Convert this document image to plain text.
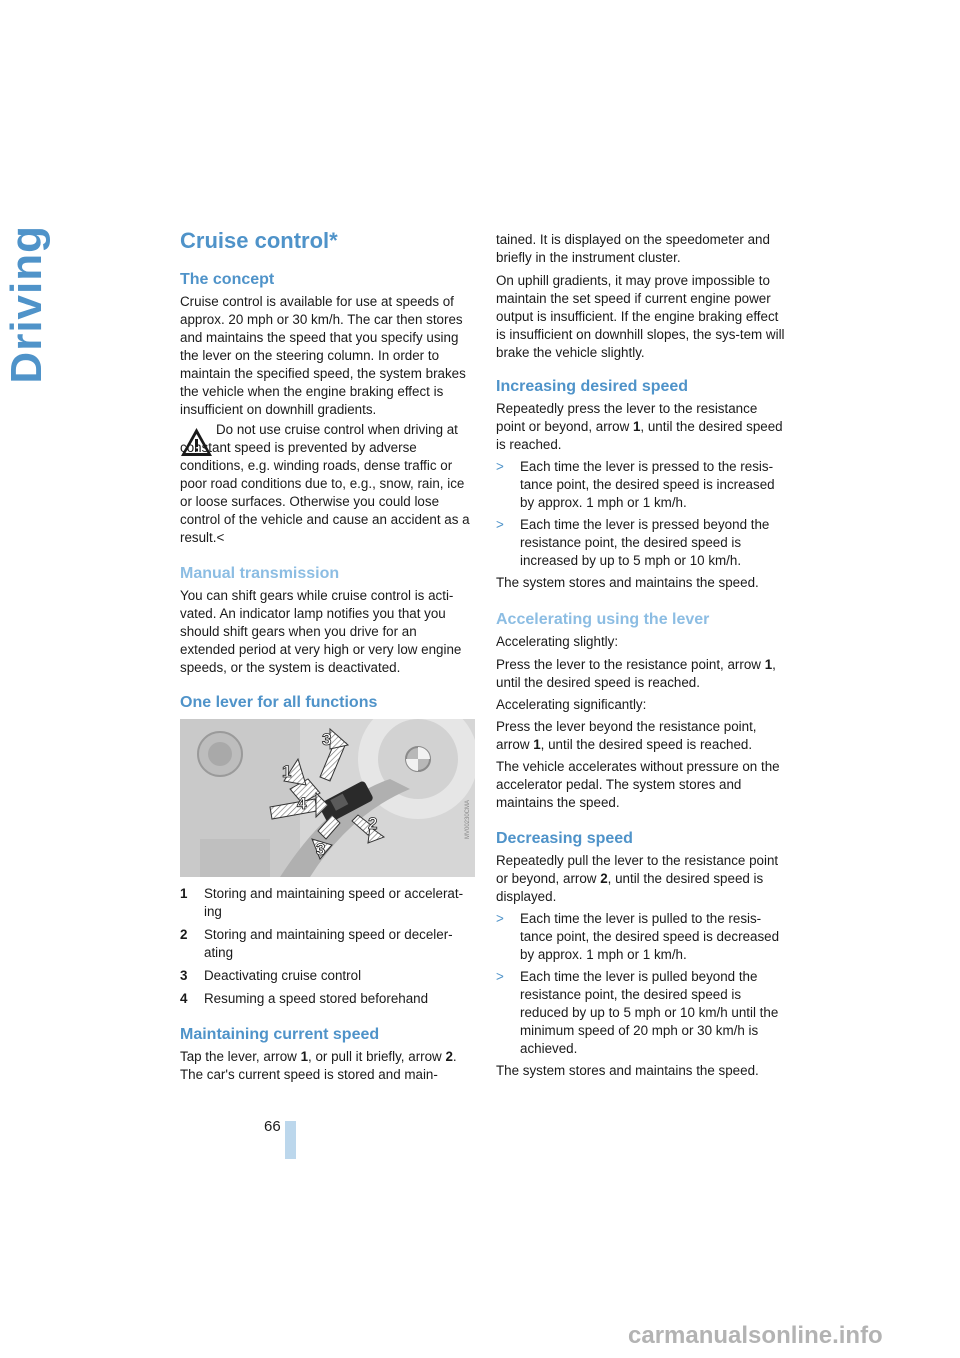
Driving	Cruise control*
The concept
Cruise control is available for use at speeds of approx. 20 mph or 30 km/h. The car then stores and maintains the speed that you specify using the lever on the steering column. In order to maintain the specified speed, the system brakes the vehicle when the engine braking effect is insufficient on downhill gradients.
Do not use cruise control when driving at constant speed is prevented by adverse conditions, e.g. winding roads, dense traffic or poor road conditions due to, e.g., snow, rain, ice or loose surfaces. Otherwise you could lose control of the vehicle and cause an accident as a result.<
Manual transmission
You can shift gears while cruise control is acti-vated. An indicator lamp notifies you that you should shift gears when you drive for an extended period at very high or very low engine speeds, or the system is deactivated.
One lever for all functions
1 Storing and maintaining speed or accelerat-ing
2 Storing and maintaining speed or deceler-ating
3 Deactivating cruise control
4 Resuming a speed stored beforehand
Maintaining current speed
Tap the lever, arrow 1, or pull it briefly, arrow 2.
The car's current speed is stored and main-
1
2
3
3
4	MV00230CMA
tained. It is displayed on the speedometer and briefly in the instrument cluster.
On uphill gradients, it may prove impossible to maintain the set speed if current engine power output is insufficient. If the engine braking effect is insufficient on downhill slopes, the sys-tem will brake the vehicle slightly.
Increasing desired speed
Repeatedly press the lever to the resistance point or beyond, arrow 1, until the desired speed is reached.
> Each time the lever is pressed to the resis-tance point, the desired speed is increased by approx. 1 mph or 1 km/h.
> Each time the lever is pressed beyond the resistance point, the desired speed is increased by up to 5 mph or 10 km/h.
The system stores and maintains the speed.
Accelerating using the lever
Accelerating slightly:
Press the lever to the resistance point, arrow 1, until the desired speed is reached.
Accelerating significantly:
Press the lever beyond the resistance point, arrow 1, until the desired speed is reached.
The vehicle accelerates without pressure on the accelerator pedal. The system stores and maintains the speed.
Decreasing speed
Repeatedly pull the lever to the resistance point or beyond, arrow 2, until the desired speed is displayed.
> Each time the lever is pulled to the resis-tance point, the desired speed is decreased by approx. 1 mph or 1 km/h.
> Each time the lever is pulled beyond the resistance point, the desired speed is reduced by up to 5 mph or 10 km/h until the minimum speed of 20 mph or 30 km/h is achieved.
The system stores and maintains the speed.
66
carmanualsonline.info
